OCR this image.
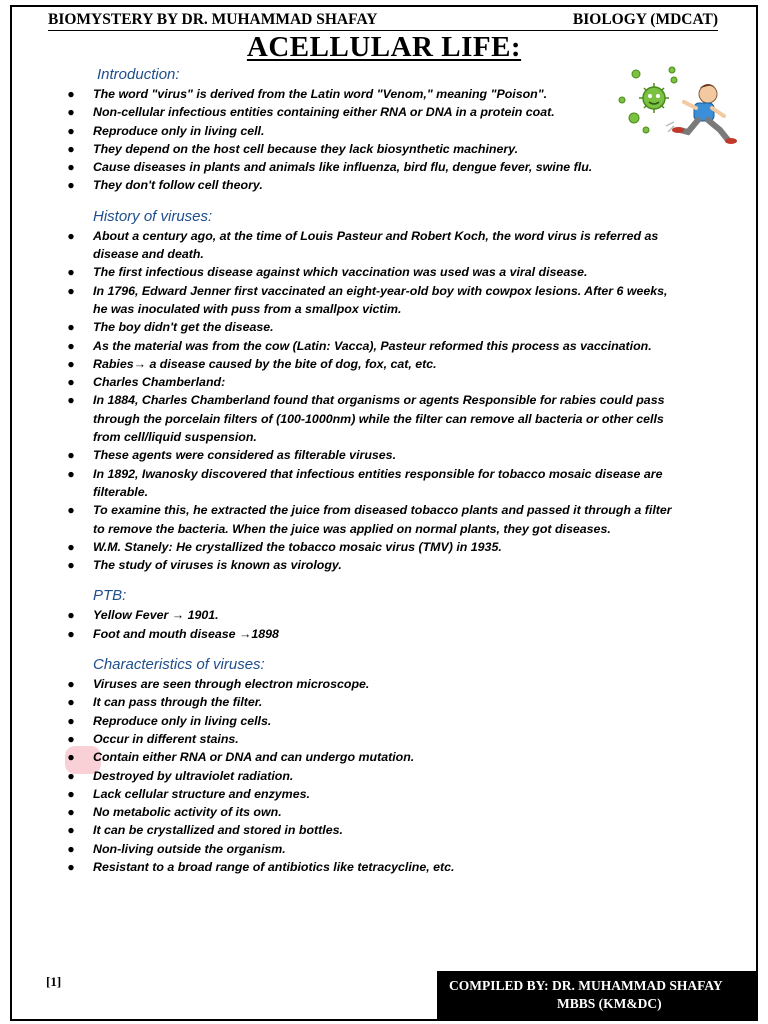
BIOMYSTERY BY DR. MUHAMMAD SHAFAY	BIOLOGY (MDCAT)
ACELLULAR LIFE:
Introduction:
● The word "virus" is derived from the Latin word "Venom," meaning "Poison".
● Non-cellular infectious entities containing either RNA or DNA in a protein coat.
● Reproduce only in living cell.
● They depend on the host cell because they lack biosynthetic machinery.
● Cause diseases in plants and animals like influenza, bird flu, dengue fever, swine flu.
● They don't follow cell theory.
History of viruses:
● About a century ago, at the time of Louis Pasteur and Robert Koch, the word virus is referred as
disease and death.
● The first infectious disease against which vaccination was used was a viral disease.
● In 1796, Edward Jenner first vaccinated an eight-year-old boy with cowpox lesions. After 6 weeks,
he was inoculated with puss from a smallpox victim.
● The boy didn't get the disease.
● As the material was from the cow (Latin: Vacca), Pasteur reformed this process as vaccination.
● Rabies→ a disease caused by the bite of dog, fox, cat, etc.
● Charles Chamberland:
● In 1884, Charles Chamberland found that organisms or agents Responsible for rabies could pass
through the porcelain filters of (100-1000nm) while the filter can remove all bacteria or other cells
from cell/liquid suspension.
● These agents were considered as filterable viruses.
● In 1892, Iwanosky discovered that infectious entities responsible for tobacco mosaic disease are
filterable.
● To examine this, he extracted the juice from diseased tobacco plants and passed it through a filter
to remove the bacteria. When the juice was applied on normal plants, they got diseases.
● W.M. Stanely: He crystallized the tobacco mosaic virus (TMV) in 1935.
● The study of viruses is known as virology.
PTB:
● Yellow Fever → 1901.
● Foot and mouth disease →1898
Characteristics of viruses:
● Viruses are seen through electron microscope.
● It can pass through the filter.
● Reproduce only in living cells.
● Occur in different stains.
● Contain either RNA or DNA and can undergo mutation.
● Destroyed by ultraviolet radiation.
● Lack cellular structure and enzymes.
● No metabolic activity of its own.
● It can be crystallized and stored in bottles.
● Non-living outside the organism.
● Resistant to a broad range of antibiotics like tetracycline, etc.
[1]	COMPILED BY: DR. MUHAMMAD SHAFAY
MBBS (KM&DC)
